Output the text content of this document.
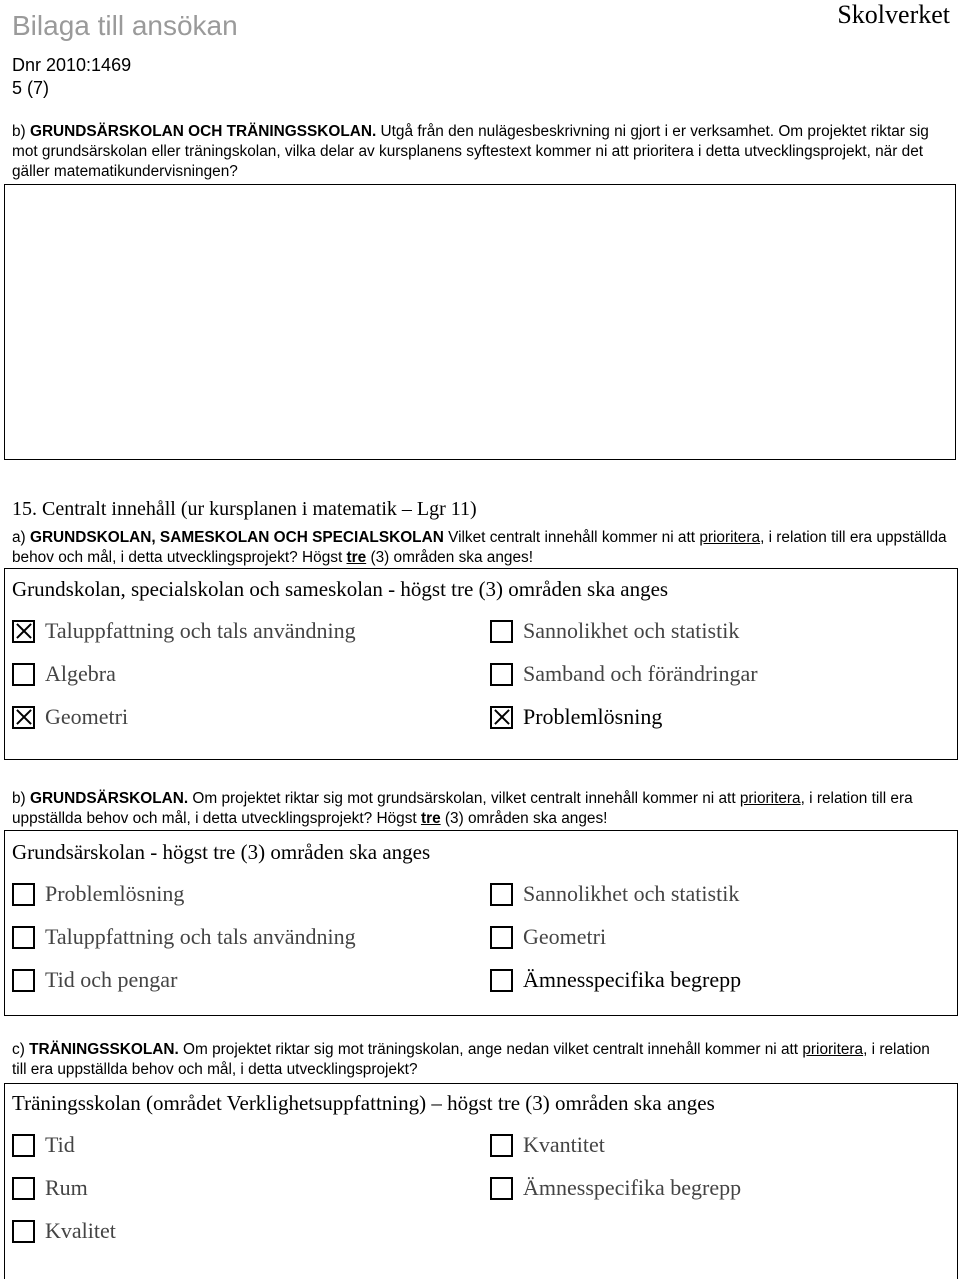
Bilaga till ansökan	Skolverket
Dnr 2010:1469
5 (7)
b) GRUNDSÄRSKOLAN OCH TRÄNINGSSKOLAN. Utgå från den nulägesbeskrivning ni gjort i er verksamhet. Om projektet riktar sig mot grundsärskolan eller träningskolan, vilka delar av kursplanens syftestext kommer ni att prioritera i detta utvecklingsprojekt, när det gäller matematikundervisningen?
15. Centralt innehåll (ur kursplanen i matematik – Lgr 11)
a) GRUNDSKOLAN, SAMESKOLAN OCH SPECIALSKOLAN Vilket centralt innehåll kommer ni att prioritera, i relation till era uppställda behov och mål, i detta utvecklingsprojekt? Högst tre (3) områden ska anges!
Grundskolan, specialskolan och sameskolan - högst tre (3) områden ska anges
Taluppfattning och tals användning
Algebra
Geometri
Sannolikhet och statistik
Samband och förändringar
Problemlösning
b) GRUNDSÄRSKOLAN. Om projektet riktar sig mot grundsärskolan, vilket centralt innehåll kommer ni att prioritera, i relation till era uppställda behov och mål, i detta utvecklingsprojekt? Högst tre (3) områden ska anges!
Grundsärskolan - högst tre (3) områden ska anges
Problemlösning
Taluppfattning och tals användning
Tid och pengar
Sannolikhet och statistik
Geometri
Ämnesspecifika begrepp
c) TRÄNINGSSKOLAN. Om projektet riktar sig mot träningskolan, ange nedan vilket centralt innehåll kommer ni att prioritera, i relation till era uppställda behov och mål, i detta utvecklingsprojekt?
Träningsskolan (området Verklighetsuppfattning) – högst tre (3) områden ska anges
Tid
Rum
Kvalitet
Kvantitet
Ämnesspecifika begrepp
